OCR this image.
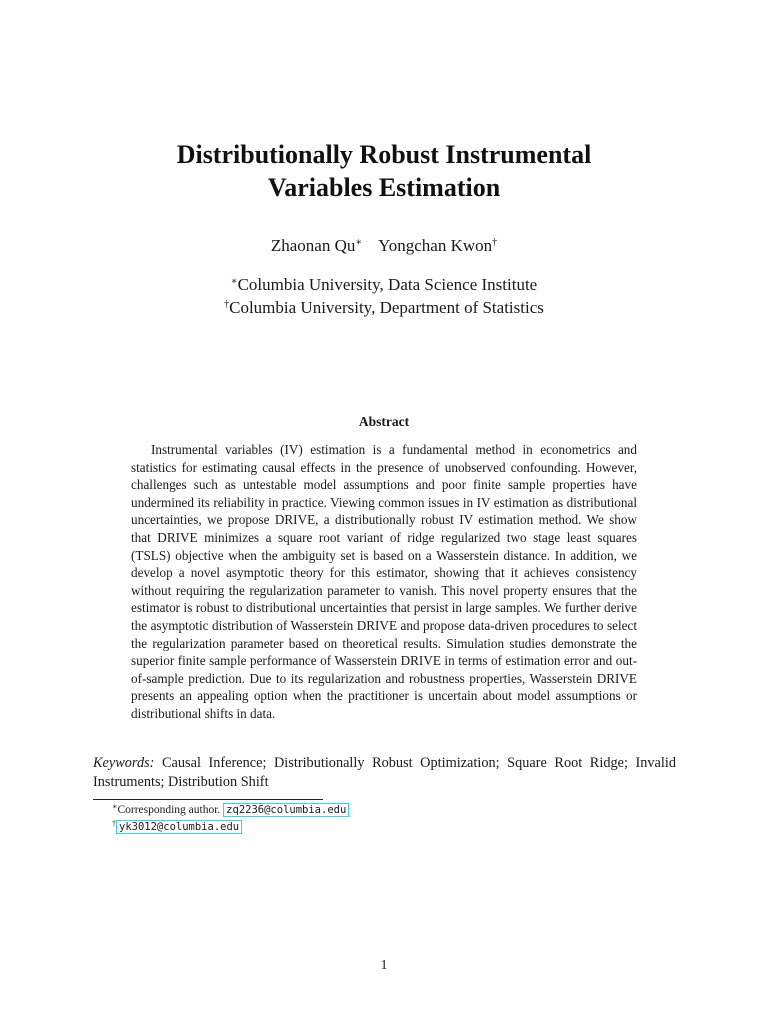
Distributionally Robust Instrumental
Variables Estimation
Zhaonan Qu∗ Yongchan Kwon†
∗Columbia University, Data Science Institute
†Columbia University, Department of Statistics
Abstract
Instrumental variables (IV) estimation is a fundamental method in econometrics and statistics for estimating causal effects in the presence of unobserved confounding. However, challenges such as untestable model assumptions and poor finite sample properties have undermined its reliability in practice. Viewing common issues in IV estimation as distributional uncertainties, we propose DRIVE, a distributionally robust IV estimation method. We show that DRIVE minimizes a square root variant of ridge regularized two stage least squares (TSLS) objective when the ambiguity set is based on a Wasserstein distance. In addition, we develop a novel asymptotic theory for this estimator, showing that it achieves consistency without requiring the regularization parameter to vanish. This novel property ensures that the estimator is robust to distributional uncertainties that persist in large samples. We further derive the asymptotic distribution of Wasserstein DRIVE and propose data-driven procedures to select the regularization parameter based on theoretical results. Simulation studies demonstrate the superior finite sample performance of Wasserstein DRIVE in terms of estimation error and out-of-sample prediction. Due to its regularization and robustness properties, Wasserstein DRIVE presents an appealing option when the practitioner is uncertain about model assumptions or distributional shifts in data.
Keywords: Causal Inference; Distributionally Robust Optimization; Square Root Ridge; Invalid Instruments; Distribution Shift
∗Corresponding author. zq2236@columbia.edu
† yk3012@columbia.edu
1
